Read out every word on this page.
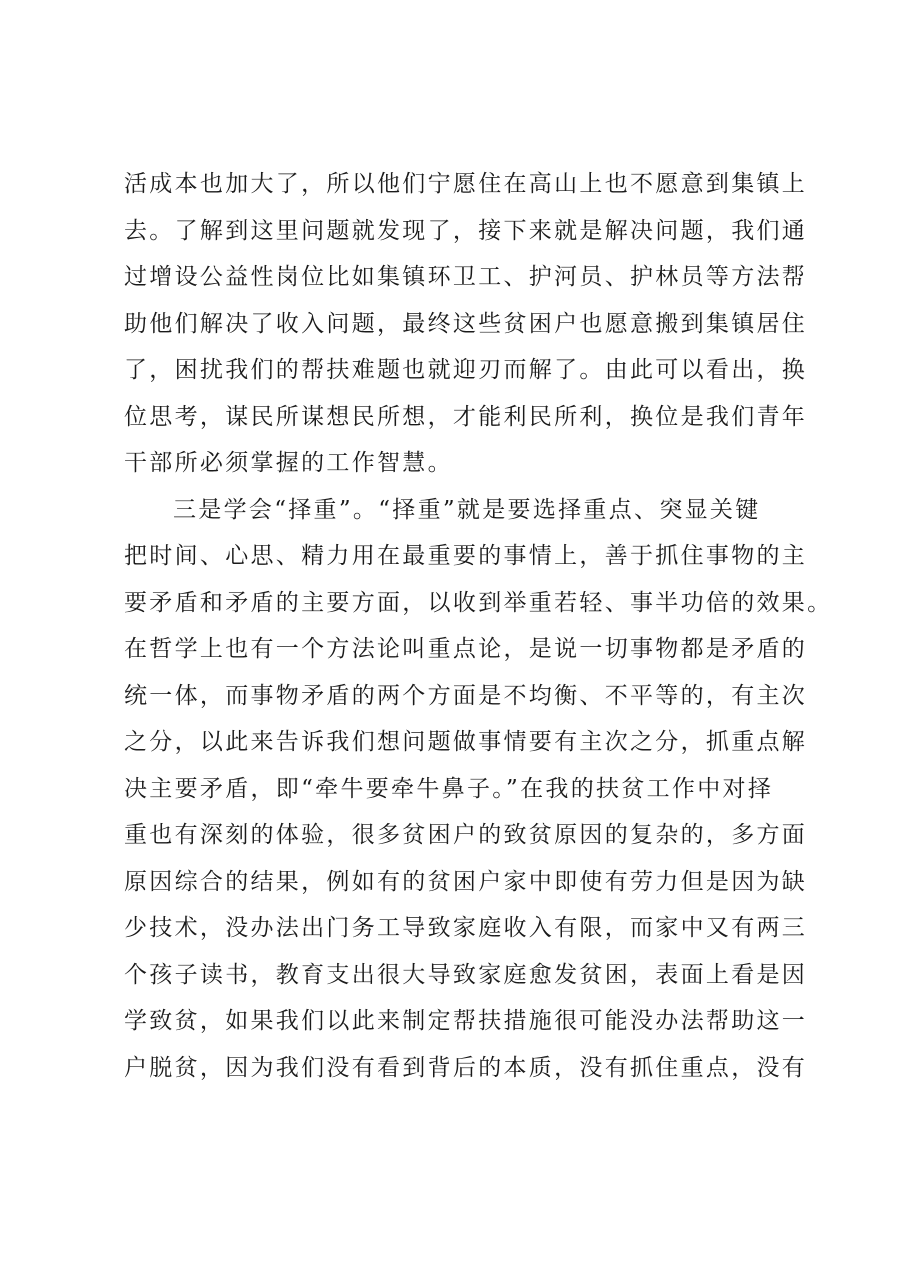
活成本也加大了，所以他们宁愿住在高山上也不愿意到集镇上
去。了解到这里问题就发现了，接下来就是解决问题，我们通
过增设公益性岗位比如集镇环卫工、护河员、护林员等方法帮
助他们解决了收入问题，最终这些贫困户也愿意搬到集镇居住
了，困扰我们的帮扶难题也就迎刃而解了。由此可以看出，换
位思考，谋民所谋想民所想，才能利民所利，换位是我们青年
干部所必须掌握的工作智慧。
三是学会“择重”。“择重”就是要选择重点、突显关键
把时间、心思、精力用在最重要的事情上，善于抓住事物的主
要矛盾和矛盾的主要方面，以收到举重若轻、事半功倍的效果。
在哲学上也有一个方法论叫重点论，是说一切事物都是矛盾的
统一体，而事物矛盾的两个方面是不均衡、不平等的，有主次
之分，以此来告诉我们想问题做事情要有主次之分，抓重点解
决主要矛盾，即“牵牛要牵牛鼻子。”在我的扶贫工作中对择
重也有深刻的体验，很多贫困户的致贫原因的复杂的，多方面
原因综合的结果，例如有的贫困户家中即使有劳力但是因为缺
少技术，没办法出门务工导致家庭收入有限，而家中又有两三
个孩子读书，教育支出很大导致家庭愈发贫困，表面上看是因
学致贫，如果我们以此来制定帮扶措施很可能没办法帮助这一
户脱贫，因为我们没有看到背后的本质，没有抓住重点，没有
